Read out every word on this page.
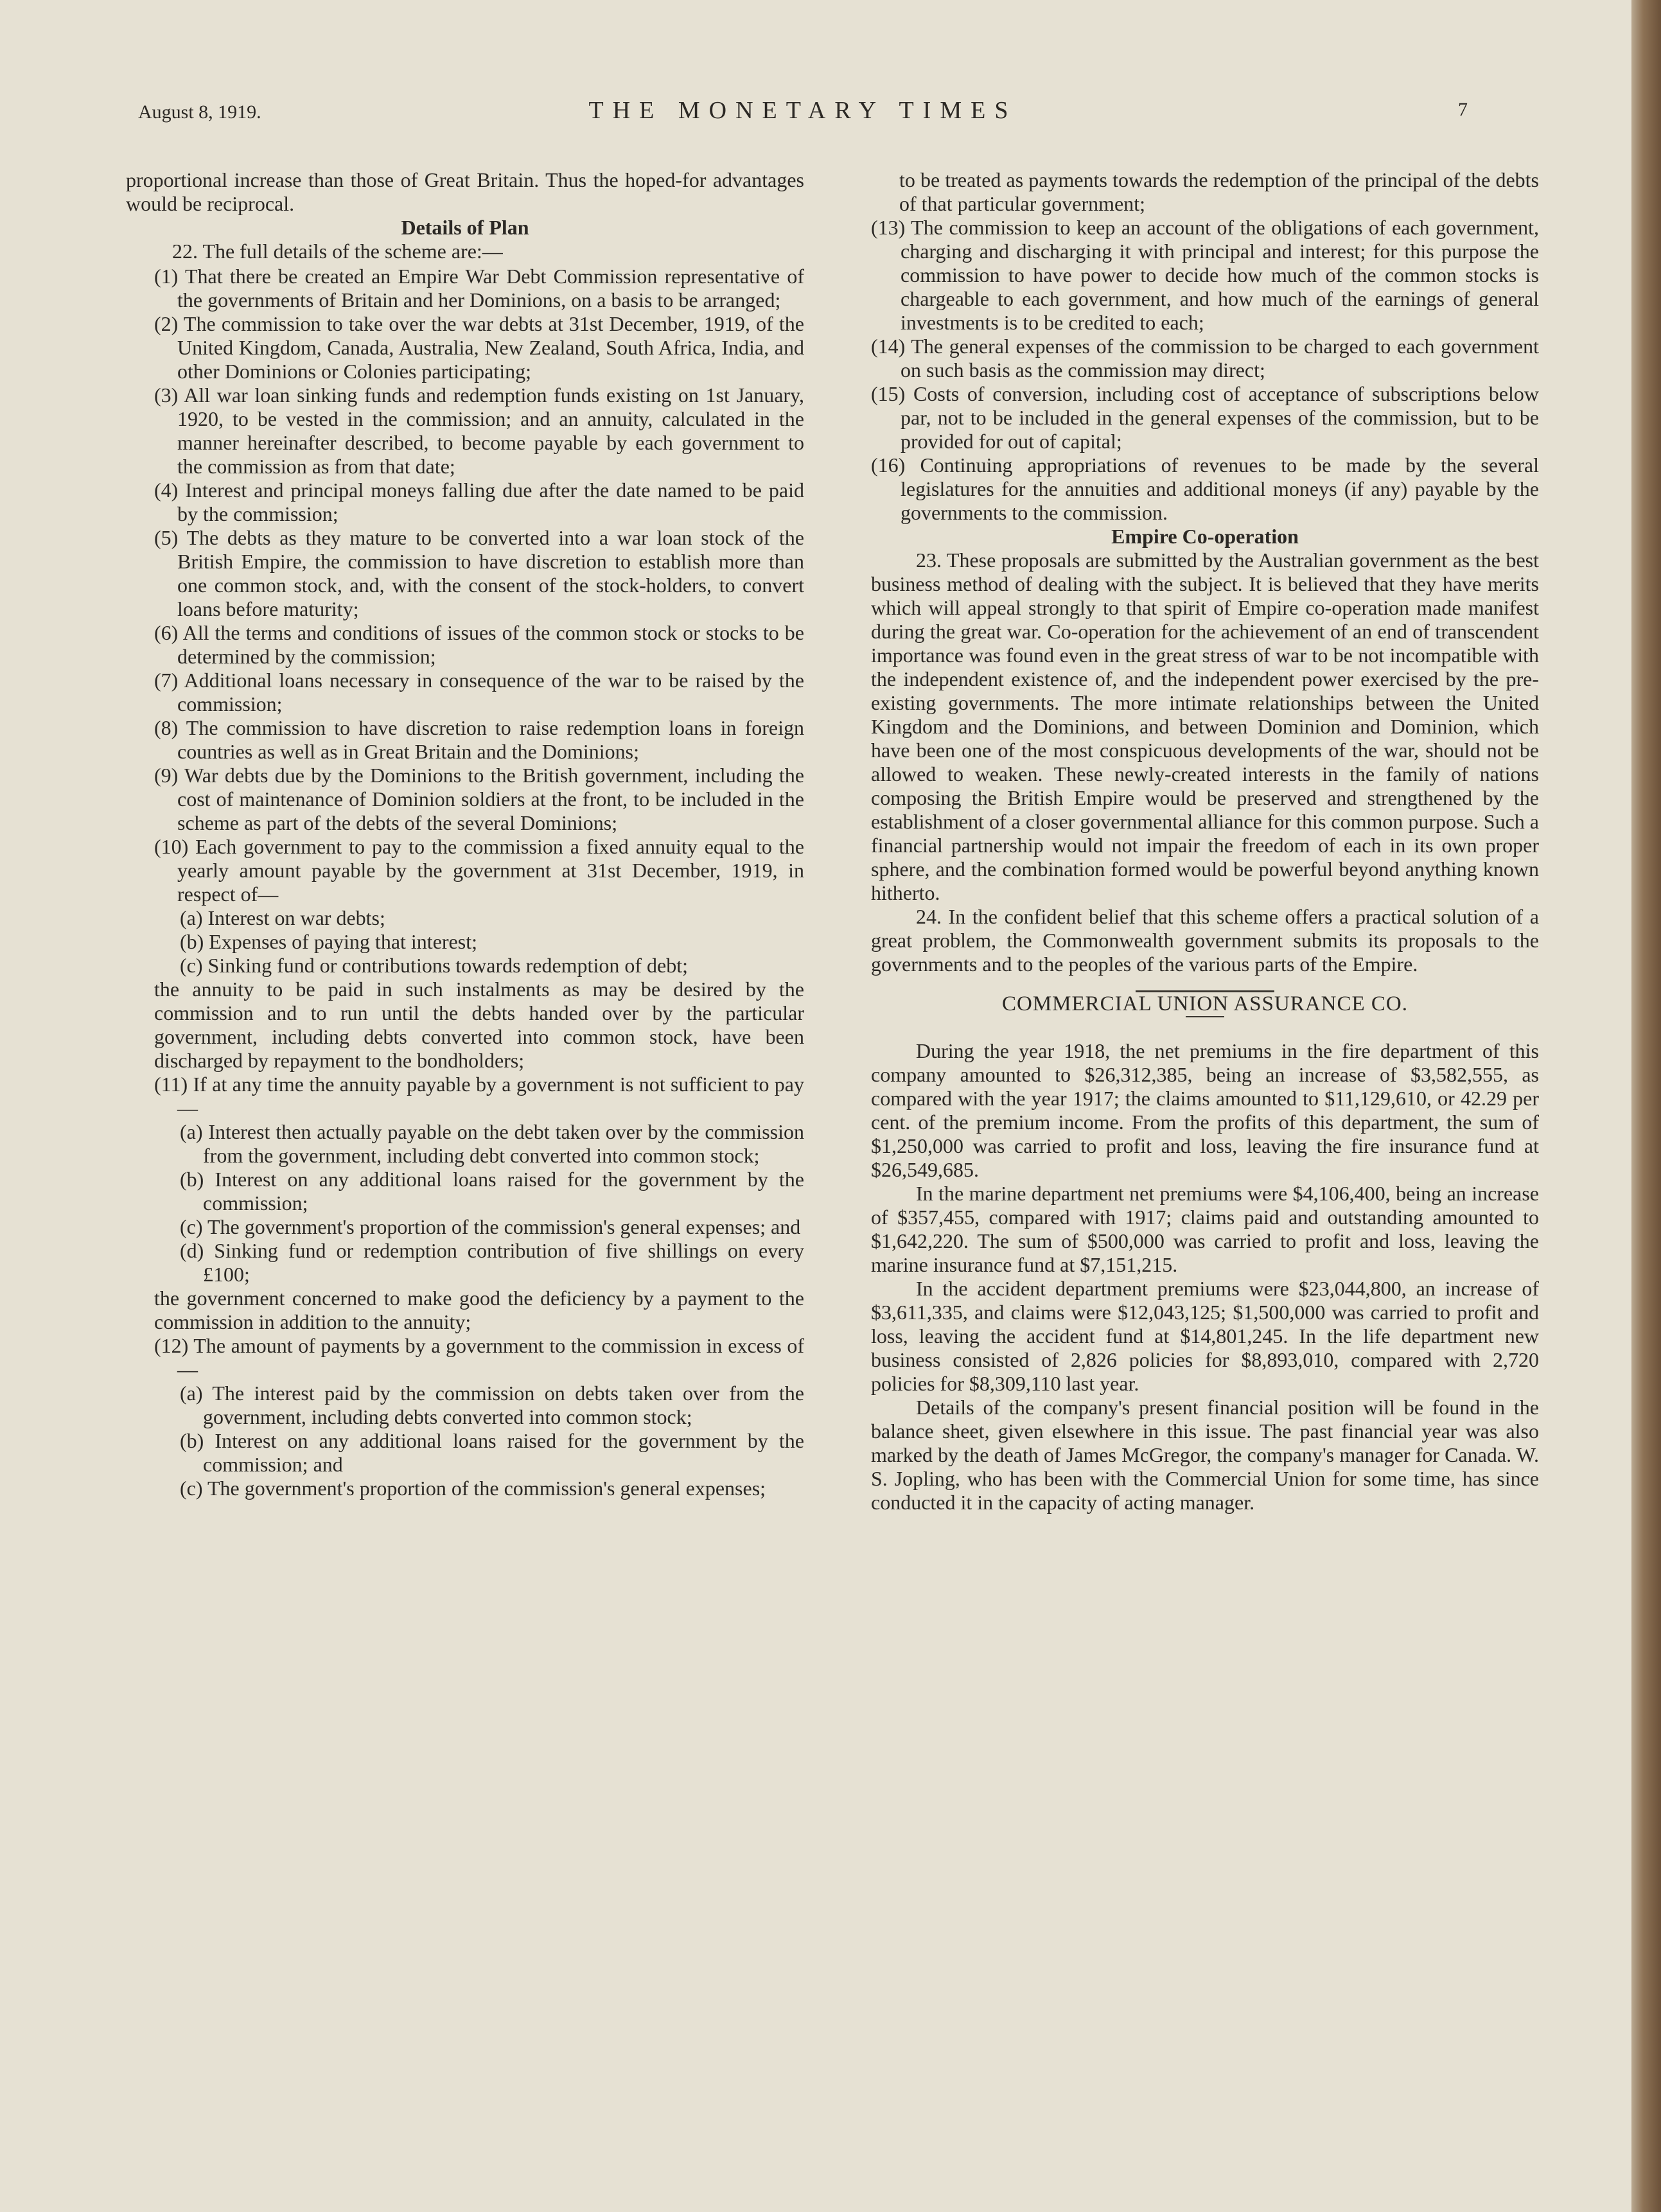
August 8, 1919.	THE MONETARY TIMES	7

proportional increase than those of Great Britain. Thus the hoped-for advantages would be reciprocal.

Details of Plan

22. The full details of the scheme are:—

(1) That there be created an Empire War Debt Commission representative of the governments of Britain and her Dominions, on a basis to be arranged;

(2) The commission to take over the war debts at 31st December, 1919, of the United Kingdom, Canada, Australia, New Zealand, South Africa, India, and other Dominions or Colonies participating;

(3) All war loan sinking funds and redemption funds existing on 1st January, 1920, to be vested in the commission; and an annuity, calculated in the manner hereinafter described, to become payable by each government to the commission as from that date;

(4) Interest and principal moneys falling due after the date named to be paid by the commission;

(5) The debts as they mature to be converted into a war loan stock of the British Empire, the commission to have discretion to establish more than one common stock, and, with the consent of the stock-holders, to convert loans before maturity;

(6) All the terms and conditions of issues of the common stock or stocks to be determined by the commission;

(7) Additional loans necessary in consequence of the war to be raised by the commission;

(8) The commission to have discretion to raise redemption loans in foreign countries as well as in Great Britain and the Dominions;

(9) War debts due by the Dominions to the British government, including the cost of maintenance of Dominion soldiers at the front, to be included in the scheme as part of the debts of the several Dominions;

(10) Each government to pay to the commission a fixed annuity equal to the yearly amount payable by the government at 31st December, 1919, in respect of—

(a) Interest on war debts;

(b) Expenses of paying that interest;

(c) Sinking fund or contributions towards redemption of debt;

the annuity to be paid in such instalments as may be desired by the commission and to run until the debts handed over by the particular government, including debts converted into common stock, have been discharged by repayment to the bondholders;

(11) If at any time the annuity payable by a government is not sufficient to pay—

(a) Interest then actually payable on the debt taken over by the commission from the government, including debt converted into common stock;

(b) Interest on any additional loans raised for the government by the commission;

(c) The government's proportion of the commission's general expenses; and

(d) Sinking fund or redemption contribution of five shillings on every £100;

the government concerned to make good the deficiency by a payment to the commission in addition to the annuity;

(12) The amount of payments by a government to the commission in excess of—

(a) The interest paid by the commission on debts taken over from the government, including debts converted into common stock;

(b) Interest on any additional loans raised for the government by the commission; and

(c) The government's proportion of the commission's general expenses;

to be treated as payments towards the redemption of the principal of the debts of that particular government;

(13) The commission to keep an account of the obligations of each government, charging and discharging it with principal and interest; for this purpose the commission to have power to decide how much of the common stocks is chargeable to each government, and how much of the earnings of general investments is to be credited to each;

(14) The general expenses of the commission to be charged to each government on such basis as the commission may direct;

(15) Costs of conversion, including cost of acceptance of subscriptions below par, not to be included in the general expenses of the commission, but to be provided for out of capital;

(16) Continuing appropriations of revenues to be made by the several legislatures for the annuities and additional moneys (if any) payable by the governments to the commission.

Empire Co-operation

23. These proposals are submitted by the Australian government as the best business method of dealing with the subject. It is believed that they have merits which will appeal strongly to that spirit of Empire co-operation made manifest during the great war. Co-operation for the achievement of an end of transcendent importance was found even in the great stress of war to be not incompatible with the independent existence of, and the independent power exercised by the pre-existing governments. The more intimate relationships between the United Kingdom and the Dominions, and between Dominion and Dominion, which have been one of the most conspicuous developments of the war, should not be allowed to weaken. These newly-created interests in the family of nations composing the British Empire would be preserved and strengthened by the establishment of a closer governmental alliance for this common purpose. Such a financial partnership would not impair the freedom of each in its own proper sphere, and the combination formed would be powerful beyond anything known hitherto.

24. In the confident belief that this scheme offers a practical solution of a great problem, the Commonwealth government submits its proposals to the governments and to the peoples of the various parts of the Empire.

COMMERCIAL UNION ASSURANCE CO.

During the year 1918, the net premiums in the fire department of this company amounted to $26,312,385, being an increase of $3,582,555, as compared with the year 1917; the claims amounted to $11,129,610, or 42.29 per cent. of the premium income. From the profits of this department, the sum of $1,250,000 was carried to profit and loss, leaving the fire insurance fund at $26,549,685.

In the marine department net premiums were $4,106,400, being an increase of $357,455, compared with 1917; claims paid and outstanding amounted to $1,642,220. The sum of $500,000 was carried to profit and loss, leaving the marine insurance fund at $7,151,215.

In the accident department premiums were $23,044,800, an increase of $3,611,335, and claims were $12,043,125; $1,500,000 was carried to profit and loss, leaving the accident fund at $14,801,245. In the life department new business consisted of 2,826 policies for $8,893,010, compared with 2,720 policies for $8,309,110 last year.

Details of the company's present financial position will be found in the balance sheet, given elsewhere in this issue. The past financial year was also marked by the death of James McGregor, the company's manager for Canada. W. S. Jopling, who has been with the Commercial Union for some time, has since conducted it in the capacity of acting manager.
